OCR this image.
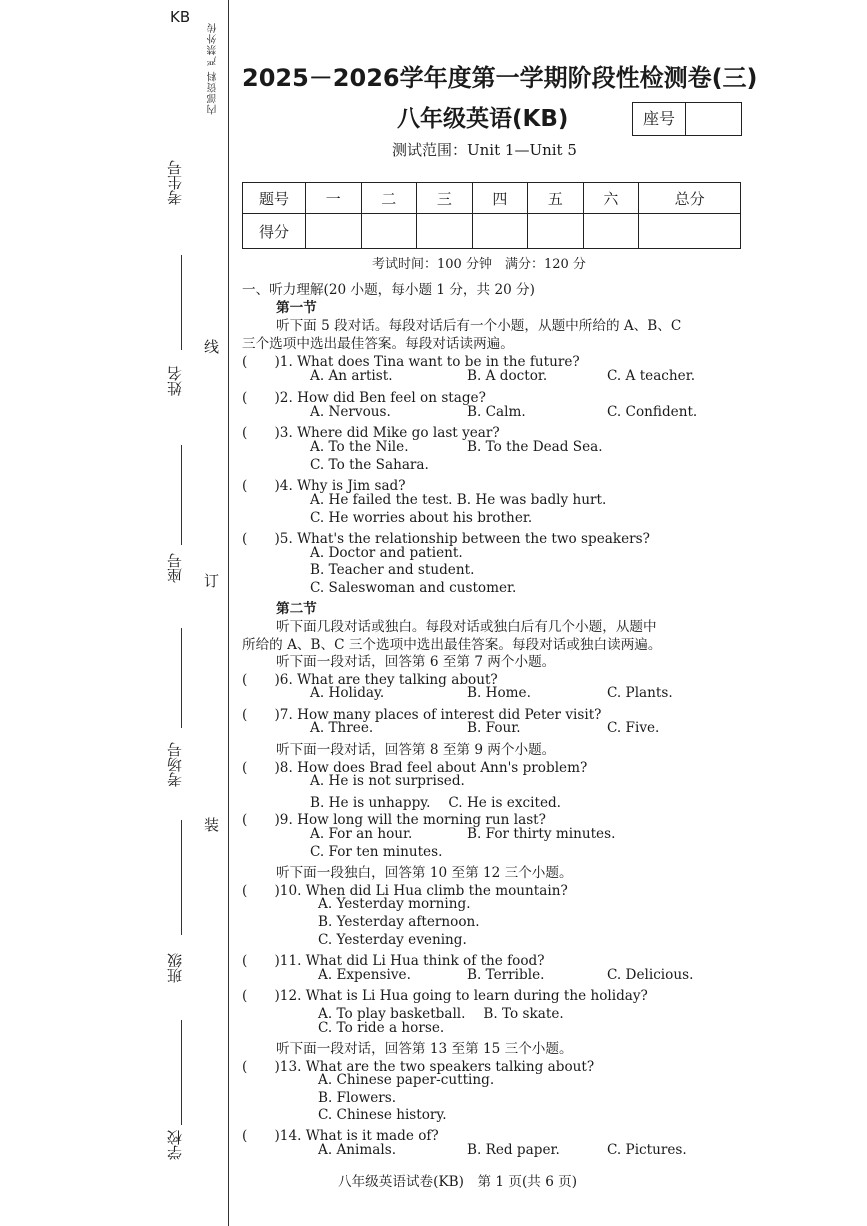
KB
内部资料 严禁外传
考生号
姓名
座号
考场号
班级
学校
线
订
装
2025－2026学年度第一学期阶段性检测卷(三)
八年级英语(KB)	座号
测试范围：Unit 1—Unit 5
题号	一	二	三	四	五	六	总分
得分							
考试时间：100 分钟　满分：120 分
一、听力理解(20 小题，每小题 1 分，共 20 分)
第一节
听下面 5 段对话。每段对话后有一个小题，从题中所给的 A、B、C
三个选项中选出最佳答案。每段对话读两遍。
(　　)1. What does Tina want to be in the future?
A. An artist.	B. A doctor.	C. A teacher.
(　　)2. How did Ben feel on stage?
A. Nervous.	B. Calm.	C. Confident.
(　　)3. Where did Mike go last year?
A. To the Nile.	B. To the Dead Sea.
C. To the Sahara.
(　　)4. Why is Jim sad?
A. He failed the test. B. He was badly hurt.
C. He worries about his brother.
(　　)5. What's the relationship between the two speakers?
A. Doctor and patient.
B. Teacher and student.
C. Saleswoman and customer.
第二节
听下面几段对话或独白。每段对话或独白后有几个小题，从题中
所给的 A、B、C 三个选项中选出最佳答案。每段对话或独白读两遍。
听下面一段对话，回答第 6 至第 7 两个小题。
(　　)6. What are they talking about?
A. Holiday.	B. Home.	C. Plants.
(　　)7. How many places of interest did Peter visit?
A. Three.	B. Four.	C. Five.
听下面一段对话，回答第 8 至第 9 两个小题。
(　　)8. How does Brad feel about Ann's problem?
A. He is not surprised.
B. He is unhappy.　 C. He is excited.
(　　)9. How long will the morning run last?
A. For an hour.	B. For thirty minutes.
C. For ten minutes.
听下面一段独白，回答第 10 至第 12 三个小题。
(　　)10. When did Li Hua climb the mountain?
A. Yesterday morning.
B. Yesterday afternoon.
C. Yesterday evening.
(　　)11. What did Li Hua think of the food?
A. Expensive.	B. Terrible.	C. Delicious.
(　　)12. What is Li Hua going to learn during the holiday?
A. To play basketball.　 B. To skate.
C. To ride a horse.
听下面一段对话，回答第 13 至第 15 三个小题。
(　　)13. What are the two speakers talking about?
A. Chinese paper-cutting.
B. Flowers.
C. Chinese history.
(　　)14. What is it made of?
A. Animals.	B. Red paper.	C. Pictures.
八年级英语试卷(KB)　第 1 页(共 6 页)
